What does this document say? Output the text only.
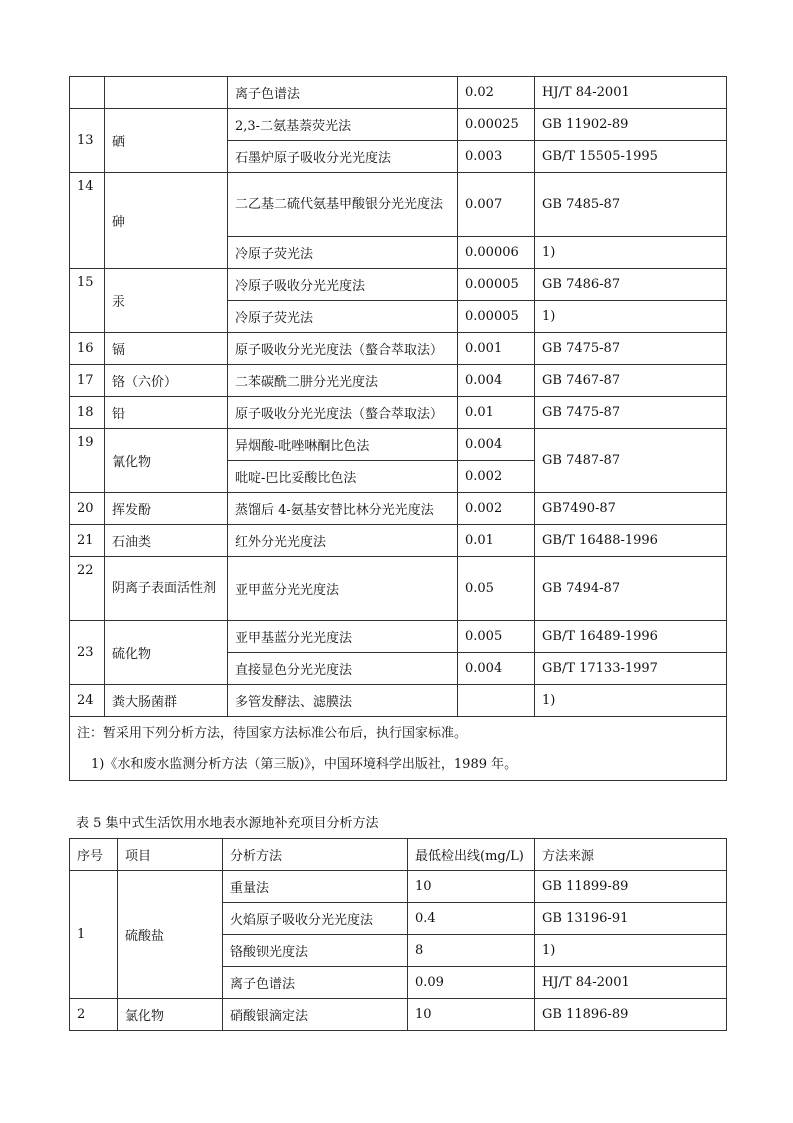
		离子色谱法	0.02	HJ/T 84-2001
13	硒	2,3-二氨基萘荧光法	0.00025	GB 11902-89
		石墨炉原子吸收分光光度法	0.003	GB/T 15505-1995
14	砷	二乙基二硫代氨基甲酸银分光光度法	0.007	GB 7485-87
		冷原子荧光法	0.00006	1)
15	汞	冷原子吸收分光光度法	0.00005	GB 7486-87
		冷原子荧光法	0.00005	1)
16	镉	原子吸收分光光度法（螯合萃取法）	0.001	GB 7475-87
17	铬（六价）	二苯碳酰二肼分光光度法	0.004	GB 7467-87
18	铅	原子吸收分光光度法（螯合萃取法）	0.01	GB 7475-87
19	氰化物	异烟酸-吡唑啉酮比色法	0.004	GB 7487-87
		吡啶-巴比妥酸比色法	0.002	
20	挥发酚	蒸馏后 4-氨基安替比林分光光度法	0.002	GB7490-87
21	石油类	红外分光光度法	0.01	GB/T 16488-1996
22	阴离子表面活性剂	亚甲蓝分光光度法	0.05	GB 7494-87
23	硫化物	亚甲基蓝分光光度法	0.005	GB/T 16489-1996
		直接显色分光光度法	0.004	GB/T 17133-1997
24	粪大肠菌群	多管发酵法、滤膜法		1)

注：暂采用下列分析方法，待国家方法标准公布后，执行国家标准。
1)《水和废水监测分析方法（第三版)》，中国环境科学出版社，1989 年。				
表 5 集中式生活饮用水地表水源地补充项目分析方法
序号	项目	分析方法	最低检出线(mg/L)	方法来源
1	硫酸盐	重量法	10	GB 11899-89
		火焰原子吸收分光光度法	0.4	GB 13196-91
		铬酸钡光度法	8	1)
		离子色谱法	0.09	HJ/T 84-2001
2	氯化物	硝酸银滴定法	10	GB 11896-89
